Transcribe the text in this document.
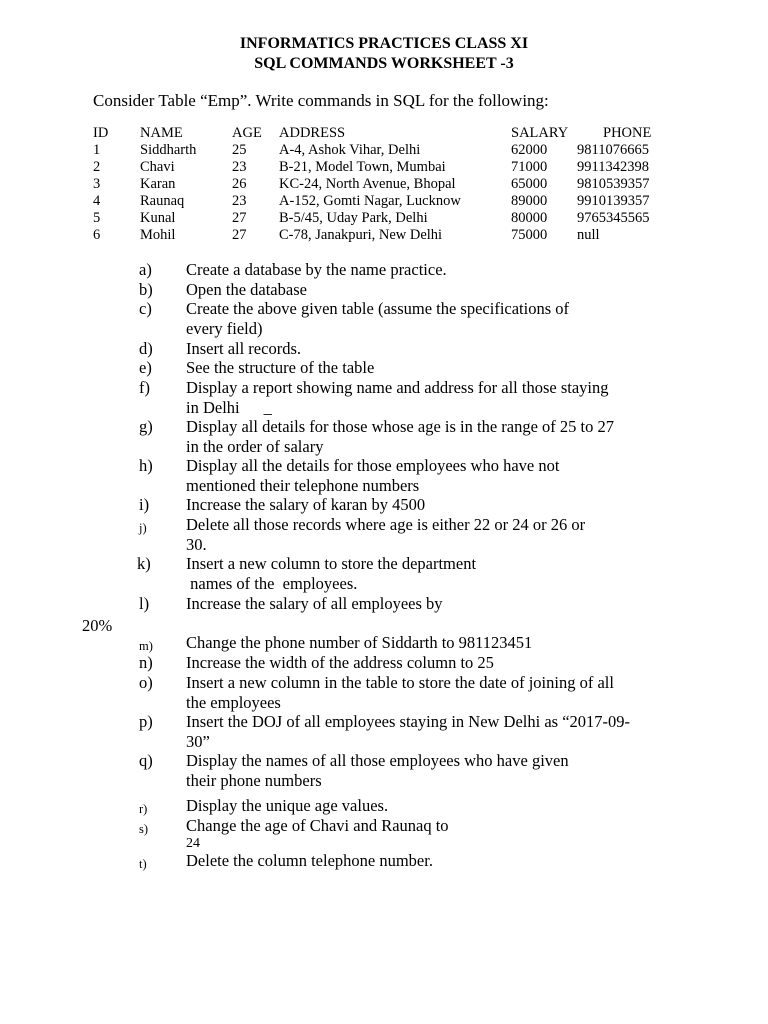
INFORMATICS PRACTICES CLASS XI
SQL COMMANDS WORKSHEET -3
Consider Table “Emp”. Write commands in SQL for the following:
ID	NAME	AGE	ADDRESS	SALARY	PHONE
1	Siddharth	25	A-4, Ashok Vihar, Delhi	62000	9811076665
2	Chavi	23	B-21, Model Town, Mumbai	71000	9911342398
3	Karan	26	KC-24, North Avenue, Bhopal	65000	9810539357
4	Raunaq	23	A-152, Gomti Nagar, Lucknow	89000	9910139357
5	Kunal	27	B-5/45, Uday Park, Delhi	80000	9765345565
6	Mohil	27	C-78, Janakpuri, New Delhi	75000	null
a) Create a database by the name practice.
b) Open the database
c) Create the above given table (assume the specifications of
every field)
d) Insert all records.
e) See the structure of the table
f) Display a report showing name and address for all those staying
in Delhi _
g) Display all details for those whose age is in the range of 25 to 27
in the order of salary
h) Display all the details for those employees who have not
mentioned their telephone numbers
i) Increase the salary of karan by 4500
j) Delete all those records where age is either 22 or 24 or 26 or
30.
k) Insert a new column to store the department
names of the  employees.
l) Increase the salary of all employees by
20%
m) Change the phone number of Siddarth to 981123451
n) Increase the width of the address column to 25
o) Insert a new column in the table to store the date of joining of all
the employees
p) Insert the DOJ of all employees staying in New Delhi as “2017-09-
30”
q) Display the names of all those employees who have given
their phone numbers
r) Display the unique age values.
s) Change the age of Chavi and Raunaq to
24
t) Delete the column telephone number.
